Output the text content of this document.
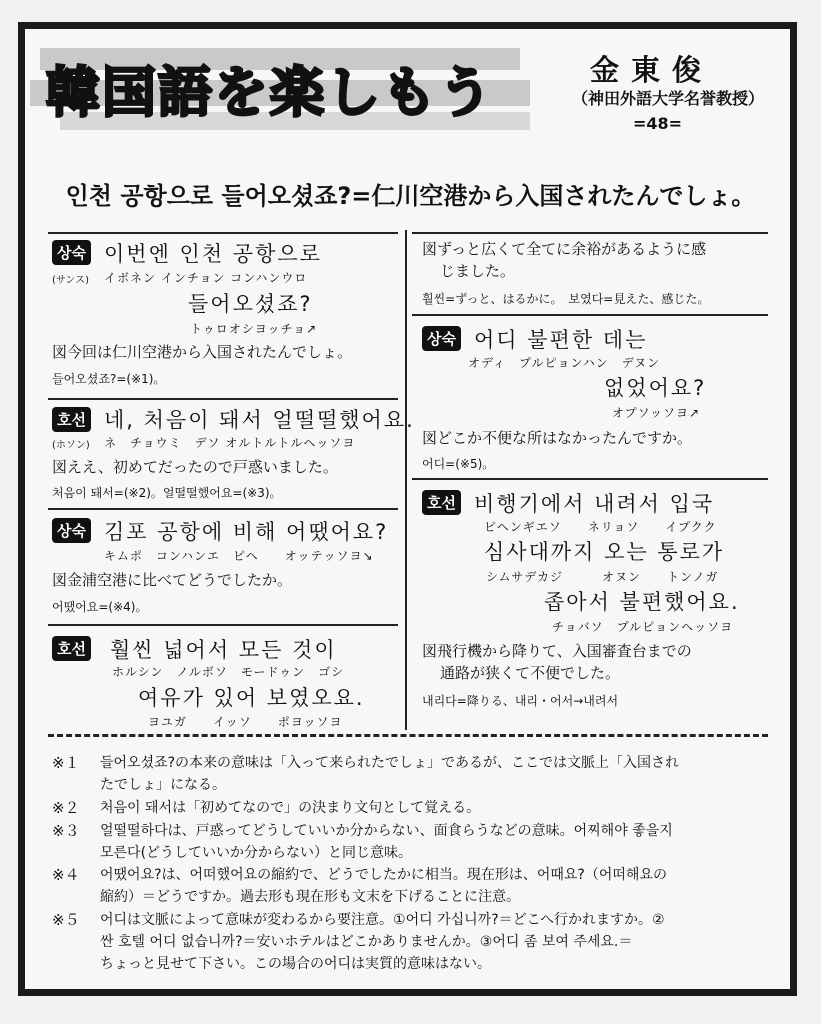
韓国語を楽しもう	金東俊
（神田外語大学名誉教授）
=48=
인천 공항으로 들어오셨죠?=仁川空港から入国されたんでしょ。
상숙 이번엔 인천 공항으로
(サンス) イボネン インチョン コンハンウロ
들어오셨죠?
トゥロオシヨッチョ↗
図今回は仁川空港から入国されたんでしょ。
들어오셨죠?=(※1)。
호선 네, 처음이 돼서 얼떨떨했어요.
(ホソン) ネ　チョウミ　デソ オルトルトルヘッソヨ
図ええ、初めてだったので戸惑いました。
처음이 돼서=(※2)。얼떨떨했어요=(※3)。
상숙 김포 공항에 비해 어땠어요?
キムポ　コンハンエ　ピヘ　　オッテッソヨ↘
図金浦空港に比べてどうでしたか。
어땠어요=(※4)。
호선 훨씬 넓어서 모든 것이
ホルシン　ノルボソ　モードゥン　ゴシ
여유가 있어 보였오요.
ヨユガ　　イッソ　　ポヨッソヨ
図ずっと広くて全てに余裕があるように感
じました。
훨씬=ずっと、はるかに。　보였다=見えた、感じた。
상숙 어디 불편한 데는
オディ　プルピョンハン　デヌン
없었어요?
オプソッソヨ↗
図どこか不便な所はなかったんですか。
어디=(※5)。
호선 비행기에서 내려서 입국
ピヘンギエソ　　ネリョソ　　イプクク
심사대까지 오는 통로가
シムサデカジ　　　オヌン　　トンノガ
좁아서 불편했어요.
チョバソ　プルピョンヘッソヨ
図飛行機から降りて、入国審査台までの
通路が狭くて不便でした。
내리다=降りる、내리・어서→내려서
※１ 들어오셨죠?の本来の意味は「入って来られたでしょ」であるが、ここでは文脈上「入国され
たでしょ」になる。
※２ 처음이 돼서は「初めてなので」の決まり文句として覚える。
※３ 얼떨떨하다は、戸惑ってどうしていいか分からない、面食らうなどの意味。어찌해야 좋을지
모른다(どうしていいか分からない）と同じ意味。
※４ 어땠어요?は、어떠했어요の縮約で、どうでしたかに相当。現在形は、어때요?（어떠해요の
縮約）＝どうですか。過去形も現在形も文末を下げることに注意。
※５ 어디は文脈によって意味が変わるから要注意。①어디 가십니까?＝どこへ行かれますか。②
싼 호텔 어디 없습니까?＝安いホテルはどこかありませんか。③어디 좀 보여 주세요.＝
ちょっと見せて下さい。この場合の어디は実質的意味はない。
